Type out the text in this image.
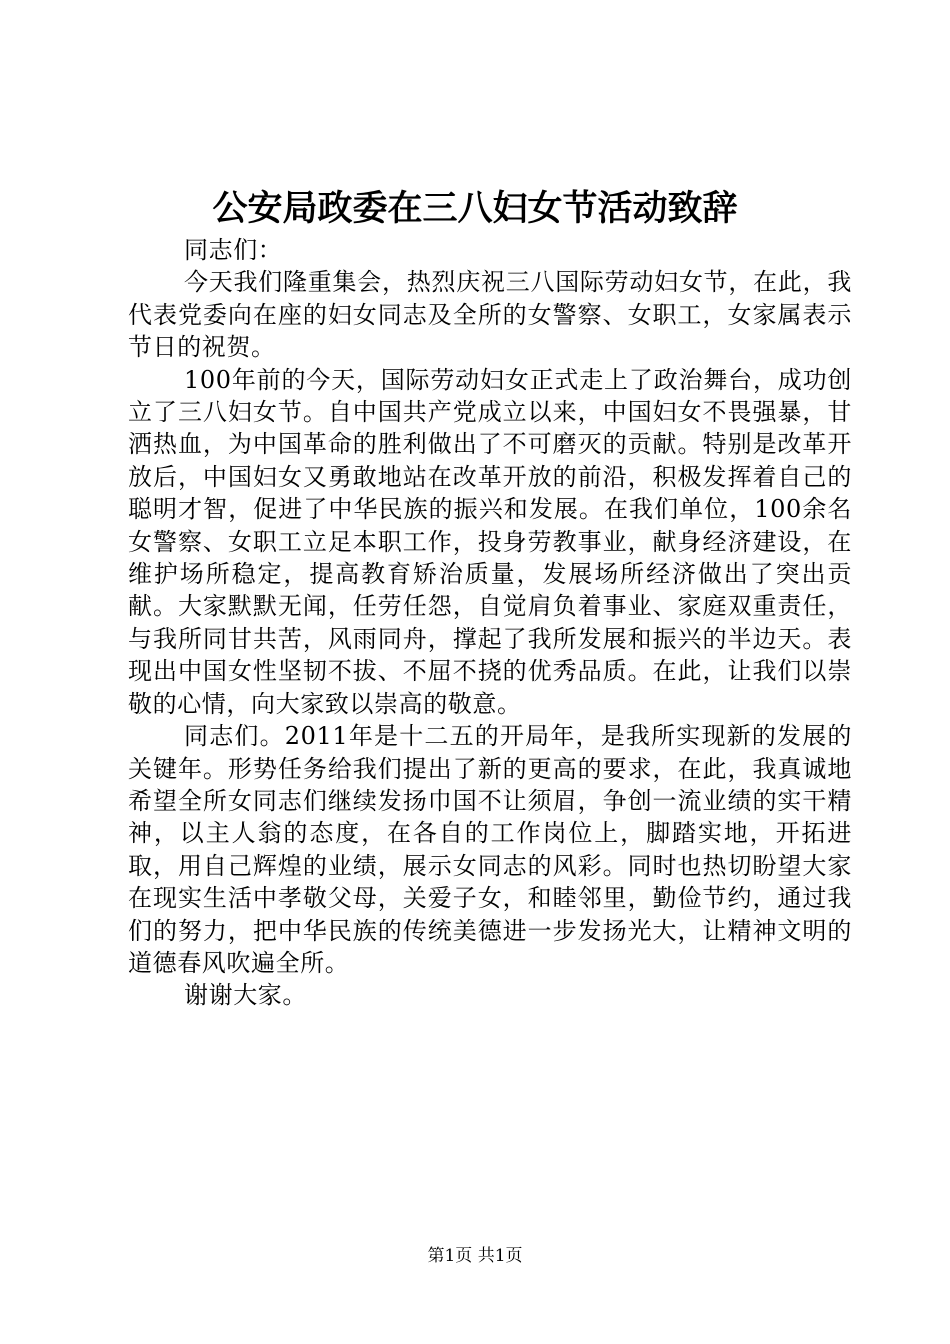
公安局政委在三八妇女节活动致辞

同志们：

今天我们隆重集会，热烈庆祝三八国际劳动妇女节，在此，我代表党委向在座的妇女同志及全所的女警察、女职工，女家属表示节日的祝贺。

100年前的今天，国际劳动妇女正式走上了政治舞台，成功创立了三八妇女节。自中国共产党成立以来，中国妇女不畏强暴，甘洒热血，为中国革命的胜利做出了不可磨灭的贡献。特别是改革开放后，中国妇女又勇敢地站在改革开放的前沿，积极发挥着自己的聪明才智，促进了中华民族的振兴和发展。在我们单位，100余名女警察、女职工立足本职工作，投身劳教事业，献身经济建设，在维护场所稳定，提高教育矫治质量，发展场所经济做出了突出贡献。大家默默无闻，任劳任怨，自觉肩负着事业、家庭双重责任，与我所同甘共苦，风雨同舟，撑起了我所发展和振兴的半边天。表现出中国女性坚韧不拔、不屈不挠的优秀品质。在此，让我们以崇敬的心情，向大家致以崇高的敬意。

同志们。2011年是十二五的开局年，是我所实现新的发展的关键年。形势任务给我们提出了新的更高的要求，在此，我真诚地希望全所女同志们继续发扬巾国不让须眉，争创一流业绩的实干精神，以主人翁的态度，在各自的工作岗位上，脚踏实地，开拓进取，用自己辉煌的业绩，展示女同志的风彩。同时也热切盼望大家在现实生活中孝敬父母，关爱子女，和睦邻里，勤俭节约，通过我们的努力，把中华民族的传统美德进一步发扬光大，让精神文明的道德春风吹遍全所。

谢谢大家。

第1页 共1页
